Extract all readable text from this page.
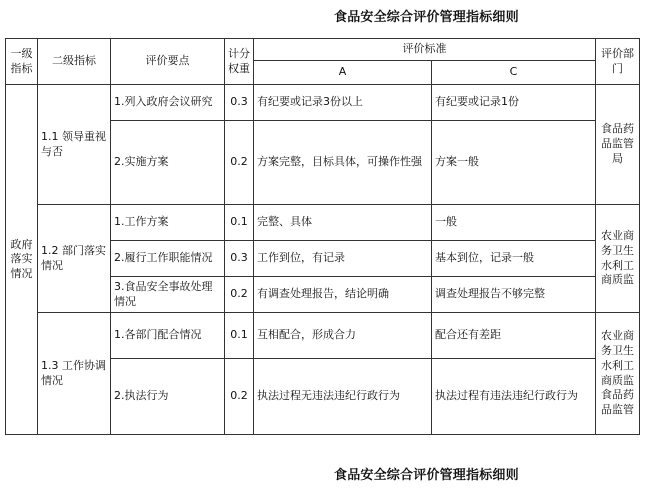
食品安全综合评价管理指标细则
一级指标	二级指标	评价要点	计分权重	评价标准		评价部门
				A	C	
政府落实情况	1.1 领导重视与否	1.列入政府会议研究	0.3	有纪要或记录3份以上	有纪要或记录1份	食品药品监管局
		2.实施方案	0.2	方案完整，目标具体，可操作性强	方案一般	
	1.2 部门落实情况	1.工作方案	0.1	完整、具体	一般	农业商务卫生 水利工商质监
		2.履行工作职能情况	0.3	工作到位，有记录	基本到位，记录一般	
		3.食品安全事故处理情况	0.2	有调查处理报告，结论明确	调查处理报告不够完整	
	1.3 工作协调情况	1.各部门配合情况	0.1	互相配合，形成合力	配合还有差距	农业商务卫生 水利工商质监食品药品监管
		2.执法行为	0.2	执法过程无违法违纪行政行为	执法过程有违法违纪行政行为	
食品安全综合评价管理指标细则
